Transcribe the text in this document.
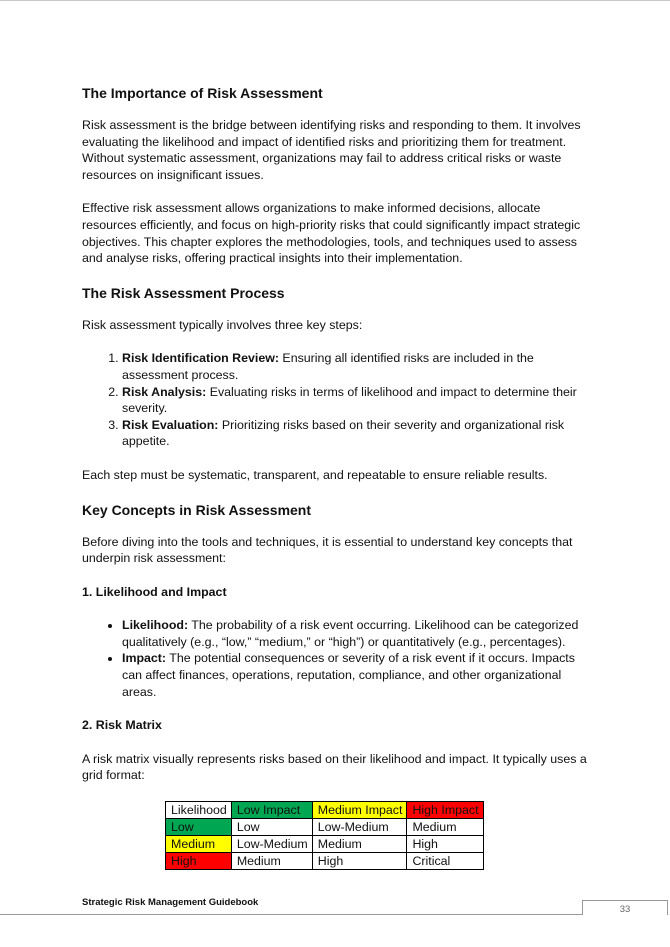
The Importance of Risk Assessment

Risk assessment is the bridge between identifying risks and responding to them. It involves evaluating the likelihood and impact of identified risks and prioritizing them for treatment. Without systematic assessment, organizations may fail to address critical risks or waste resources on insignificant issues.

Effective risk assessment allows organizations to make informed decisions, allocate resources efficiently, and focus on high-priority risks that could significantly impact strategic objectives. This chapter explores the methodologies, tools, and techniques used to assess and analyse risks, offering practical insights into their implementation.

The Risk Assessment Process

Risk assessment typically involves three key steps:

1. Risk Identification Review: Ensuring all identified risks are included in the assessment process.
2. Risk Analysis: Evaluating risks in terms of likelihood and impact to determine their severity.
3. Risk Evaluation: Prioritizing risks based on their severity and organizational risk appetite.

Each step must be systematic, transparent, and repeatable to ensure reliable results.

Key Concepts in Risk Assessment

Before diving into the tools and techniques, it is essential to understand key concepts that underpin risk assessment:

1. Likelihood and Impact
• Likelihood: The probability of a risk event occurring. Likelihood can be categorized qualitatively (e.g., “low,” “medium,” or “high”) or quantitatively (e.g., percentages).
• Impact: The potential consequences or severity of a risk event if it occurs. Impacts can affect finances, operations, reputation, compliance, and other organizational areas.
2. Risk Matrix

A risk matrix visually represents risks based on their likelihood and impact. It typically uses a grid format:

Likelihood	Low Impact	Medium Impact	High Impact
Low	Low	Low-Medium	Medium
Medium	Low-Medium	Medium	High
High	Medium	High	Critical
Strategic Risk Management Guidebook
33
